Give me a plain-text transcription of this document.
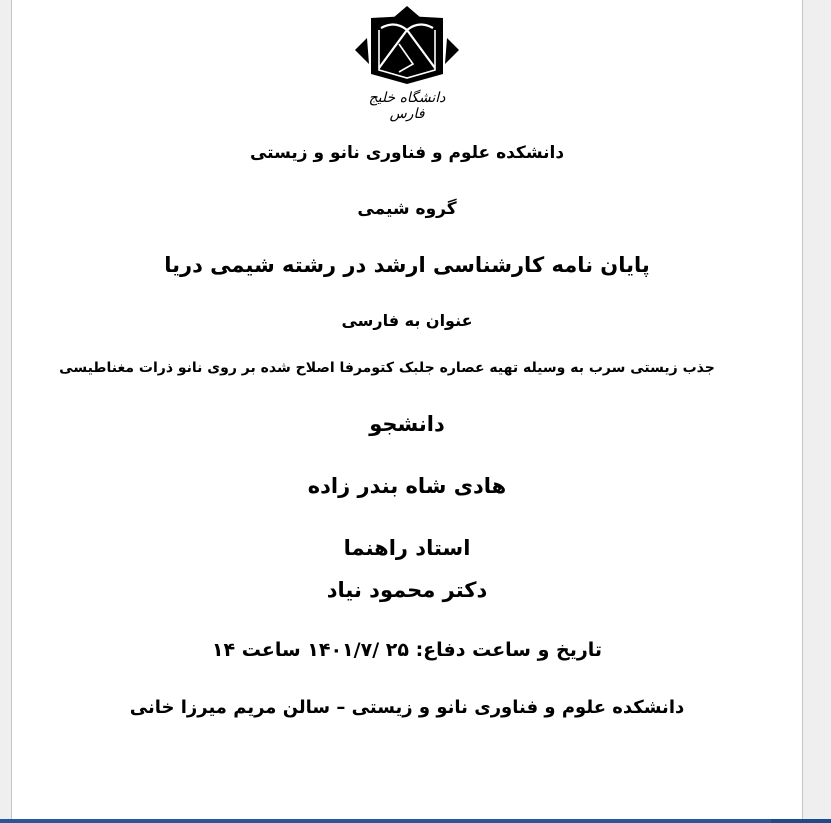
دانشگاه خلیج فارس
دانشکده علوم و فناوری نانو و زیستی
گروه شیمی
پایان نامه کارشناسی ارشد در رشته شیمی دریا
عنوان به فارسی
جذب زیستی سرب به وسیله تهیه عصاره جلبک کتومرفا اصلاح شده بر روی نانو ذرات مغناطیسی
دانشجو
هادی شاه بندر زاده
استاد راهنما
دکتر محمود نیاد
تاریخ و ساعت دفاع: ۲۵ /۱۴۰۱/۷ ساعت ۱۴
دانشکده علوم و فناوری نانو و زیستی – سالن مریم میرزا خانی
